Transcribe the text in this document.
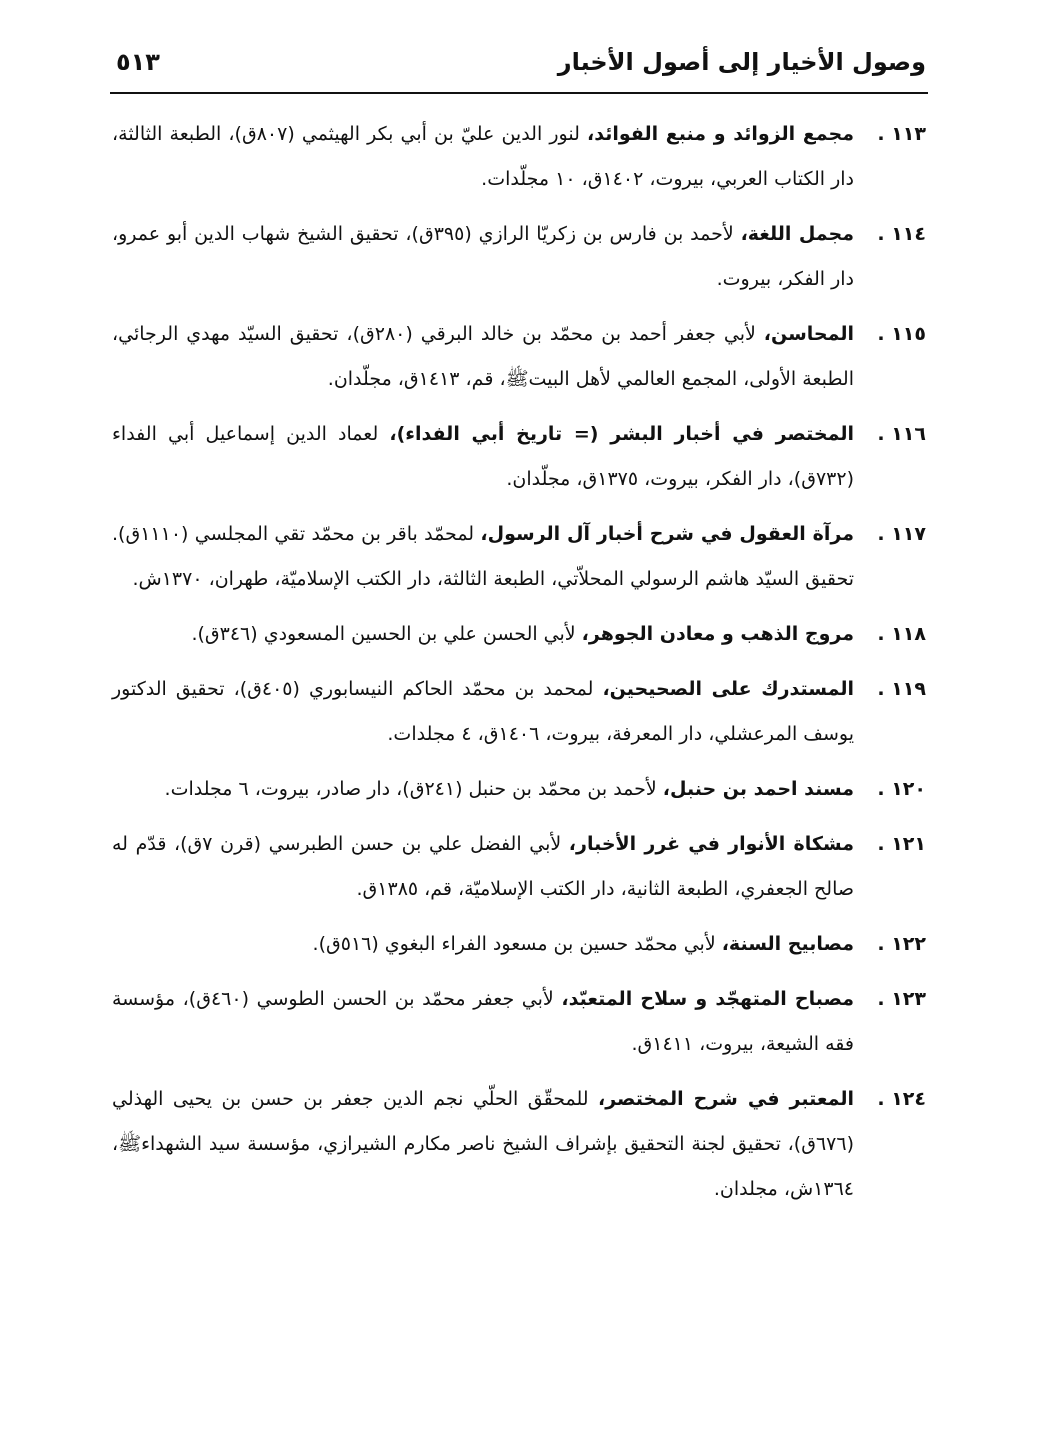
وصول الأخيار إلى أصول الأخبار
٥١٣
١١٣ .
مجمع الزوائد و منبع الفوائد، لنور الدين عليّ بن أبي بكر الهيثمي (٨٠٧ق)، الطبعة الثالثة، دار الكتاب العربي، بيروت، ١٤٠٢ق، ١٠ مجلّدات.
١١٤ .
مجمل اللغة، لأحمد بن فارس بن زكريّا الرازي (٣٩٥ق)، تحقيق الشيخ شهاب الدين أبو عمرو، دار الفكر، بيروت.
١١٥ .
المحاسن، لأبي جعفر أحمد بن محمّد بن خالد البرقي (٢٨٠ق)، تحقيق السيّد مهدي الرجائي، الطبعة الأولى، المجمع العالمي لأهل البيتﷺ، قم، ١٤١٣ق، مجلّدان.
١١٦ .
المختصر في أخبار البشر (= تاريخ أبي الفداء)، لعماد الدين إسماعيل أبي الفداء (٧٣٢ق)، دار الفكر، بيروت، ١٣٧٥ق، مجلّدان.
١١٧ .
مرآة العقول في شرح أخبار آل الرسول، لمحمّد باقر بن محمّد تقي المجلسي (١١١٠ق). تحقيق السيّد هاشم الرسولي المحلاّتي، الطبعة الثالثة، دار الكتب الإسلاميّة، طهران، ١٣٧٠ش.
١١٨ .
مروج الذهب و معادن الجوهر، لأبي الحسن علي بن الحسين المسعودي (٣٤٦ق).
١١٩ .
المستدرك على الصحيحين، لمحمد بن محمّد الحاكم النيسابوري (٤٠٥ق)، تحقيق الدكتور يوسف المرعشلي، دار المعرفة، بيروت، ١٤٠٦ق، ٤ مجلدات.
١٢٠ .
مسند احمد بن حنبل، لأحمد بن محمّد بن حنبل (٢٤١ق)، دار صادر، بيروت، ٦ مجلدات.
١٢١ .
مشكاة الأنوار في غرر الأخبار، لأبي الفضل علي بن حسن الطبرسي (قرن ٧ق)، قدّم له صالح الجعفري، الطبعة الثانية، دار الكتب الإسلاميّة، قم، ١٣٨٥ق.
١٢٢ .
مصابيح السنة، لأبي محمّد حسين بن مسعود الفراء البغوي (٥١٦ق).
١٢٣ .
مصباح المتهجّد و سلاح المتعبّد، لأبي جعفر محمّد بن الحسن الطوسي (٤٦٠ق)، مؤسسة فقه الشيعة، بيروت، ١٤١١ق.
١٢٤ .
المعتبر في شرح المختصر، للمحقّق الحلّي نجم الدين جعفر بن حسن بن يحيى الهذلي (٦٧٦ق)، تحقيق لجنة التحقيق بإشراف الشيخ ناصر مكارم الشيرازي، مؤسسة سيد الشهداءﷺ، ١٣٦٤ش، مجلدان.
